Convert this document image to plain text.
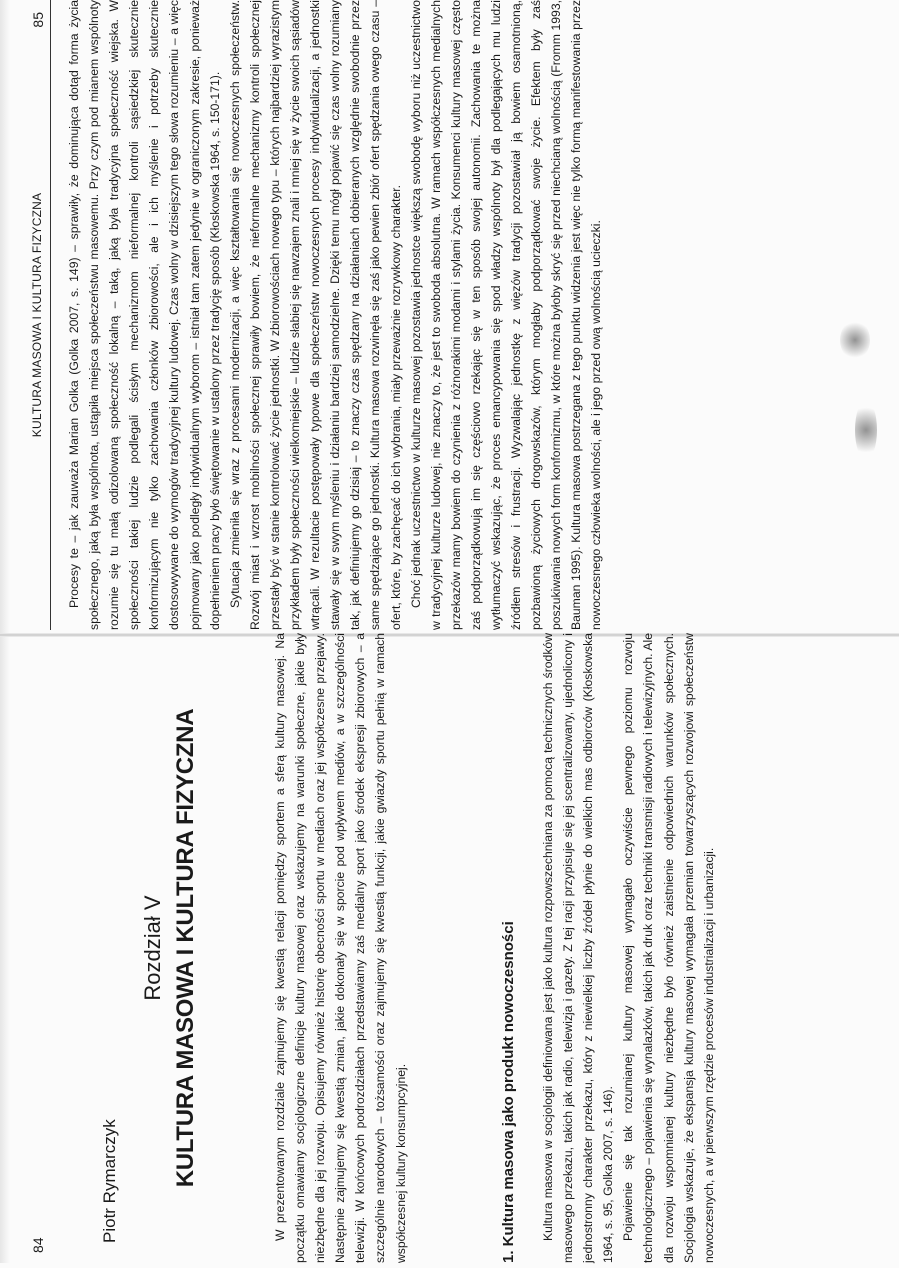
KULTURA MASOWA I KULTURA FIZYCZNA
85 Procesy te – jak zauważa Marian Golka (Golka 2007, s. 149) – sprawiły, że dominująca dotąd forma życia społecznego, jaką była wspólnota, ustąpiła miejsca społeczeństwu masowemu. Przy czym pod mianem wspólnoty rozumie się tu małą odizolowaną społeczność lokalną – taką, jaką była tradycyjna społeczność wiejska. W społeczności takiej ludzie podlegali ścisłym mechanizmom nieformalnej kontroli sąsiedzkiej skutecznie konformizującym nie tylko zachowania członków zbiorowości, ale i ich myślenie i potrzeby skutecznie dostosowywane do wymogów tradycyjnej kultury ludowej. Czas wolny w dzisiejszym tego słowa rozumieniu – a więc pojmowany jako podległy indywidualnym wyborom – istniał tam zatem jedynie w ograniczonym zakresie, ponieważ dopełnieniem pracy było świętowanie w ustalony przez tradycję sposób (Kłoskowska 1964, s. 150-171). Sytuacja zmieniła się wraz z procesami modernizacji, a więc kształtowania się nowoczesnych społeczeństw. Rozwój miast i wzrost mobilności społecznej sprawiły bowiem, że nieformalne mechanizmy kontroli społecznej przestały być w stanie kontrolować życie jednostki. W zbiorowościach nowego typu – których najbardziej wyrazistym przykładem były społeczności wielkomiejskie – ludzie słabiej się nawzajem znali i mniej się w życie swoich sąsiadów wtrącali. W rezultacie postępowały typowe dla społeczeństw nowoczesnych procesy indywidualizacji, a jednostki stawały się w swym myśleniu i działaniu bardziej samodzielne. Dzięki temu mógł pojawić się czas wolny rozumiany tak, jak definiujemy go dzisiaj – to znaczy czas spędzany na działaniach dobieranych względnie swobodnie przez same spędzające go jednostki. Kultura masowa rozwinęła się zaś jako pewien zbiór ofert spędzania owego czasu – ofert, które, by zachęcać do ich wybrania, miały przeważnie rozrywkowy charakter. Choć jednak uczestnictwo w kulturze masowej pozostawia jednostce większą swobodę wyboru niż uczestnictwo w tradycyjnej kulturze ludowej, nie znaczy to, że jest to swoboda absolutna. W ramach współczesnych medialnych przekazów mamy bowiem do czynienia z różnorakimi modami i stylami życia. Konsumenci kultury masowej często zaś podporządkowują im się częściowo rzekając się w ten sposób swojej autonomii. Zachowania te można wytłumaczyć wskazując, że proces emancypowania się spod władzy wspólnoty był dla podlegających mu ludzi źródłem stresów i frustracji. Wyzwalając jednostkę z więzów tradycji pozostawiał ją bowiem osamotnioną, pozbawioną życiowych drogowskazów, którym mogłaby podporządkować swoje życie. Efektem były zaś poszukiwania nowych form konformizmu, w które można byłoby skryć się przed niechcianą wolnością (Fromm 1993, Bauman 1995). Kultura masowa postrzegana z tego punktu widzenia jest więc nie tylko formą manifestowania przez nowoczesnego człowieka wolności, ale i jego przed ową wolnością ucieczki.

84
Piotr Rymarczyk
Rozdział V KULTURA MASOWA I KULTURA FIZYCZNA	W prezentowanym rozdziale zajmujemy się kwestią relacji pomiędzy sportem a sferą kultury masowej. Na początku omawiamy socjologiczne definicje kultury masowej oraz wskazujemy na warunki społeczne, jakie były niezbędne dla jej rozwoju. Opisujemy również historię obecności sportu w mediach oraz jej współczesne przejawy. Następnie zajmujemy się kwestią zmian, jakie dokonały się w sporcie pod wpływem mediów, a w szczególności telewizji. W końcowych podrozdziałach przedstawiamy zaś medialny sport jako środek ekspresji zbiorowych – a szczególnie narodowych – tożsamości oraz zajmujemy się kwestią funkcji, jakie gwiazdy sportu pełnią w ramach współczesnej kultury konsumpcyjnej.	1. Kultura masowa jako produkt nowoczesności Kultura masowa w socjologii definiowana jest jako kultura rozpowszechniana za pomocą technicznych środków masowego przekazu, takich jak radio, telewizja i gazety. Z tej racji przypisuje się jej scentralizowany, ujednolicony i jednostronny charakter przekazu, który z niewielkiej liczby źródeł płynie do wielkich mas odbiorców (Kłoskowska 1964, s. 95, Golka 2007, s. 146). Pojawienie się tak rozumianej kultury masowej wymagało oczywiście pewnego poziomu rozwoju technologicznego – pojawienia się wynalazków, takich jak druk oraz techniki transmisji radiowych i telewizyjnych. Ale dla rozwoju wspomnianej kultury niezbędne było również zaistnienie odpowiednich warunków społecznych. Socjologia wskazuje, że ekspansja kultury masowej wymagała przemian towarzyszących rozwojowi społeczeństw nowoczesnych, a w pierwszym rzędzie procesów industrializacji i urbanizacji.
